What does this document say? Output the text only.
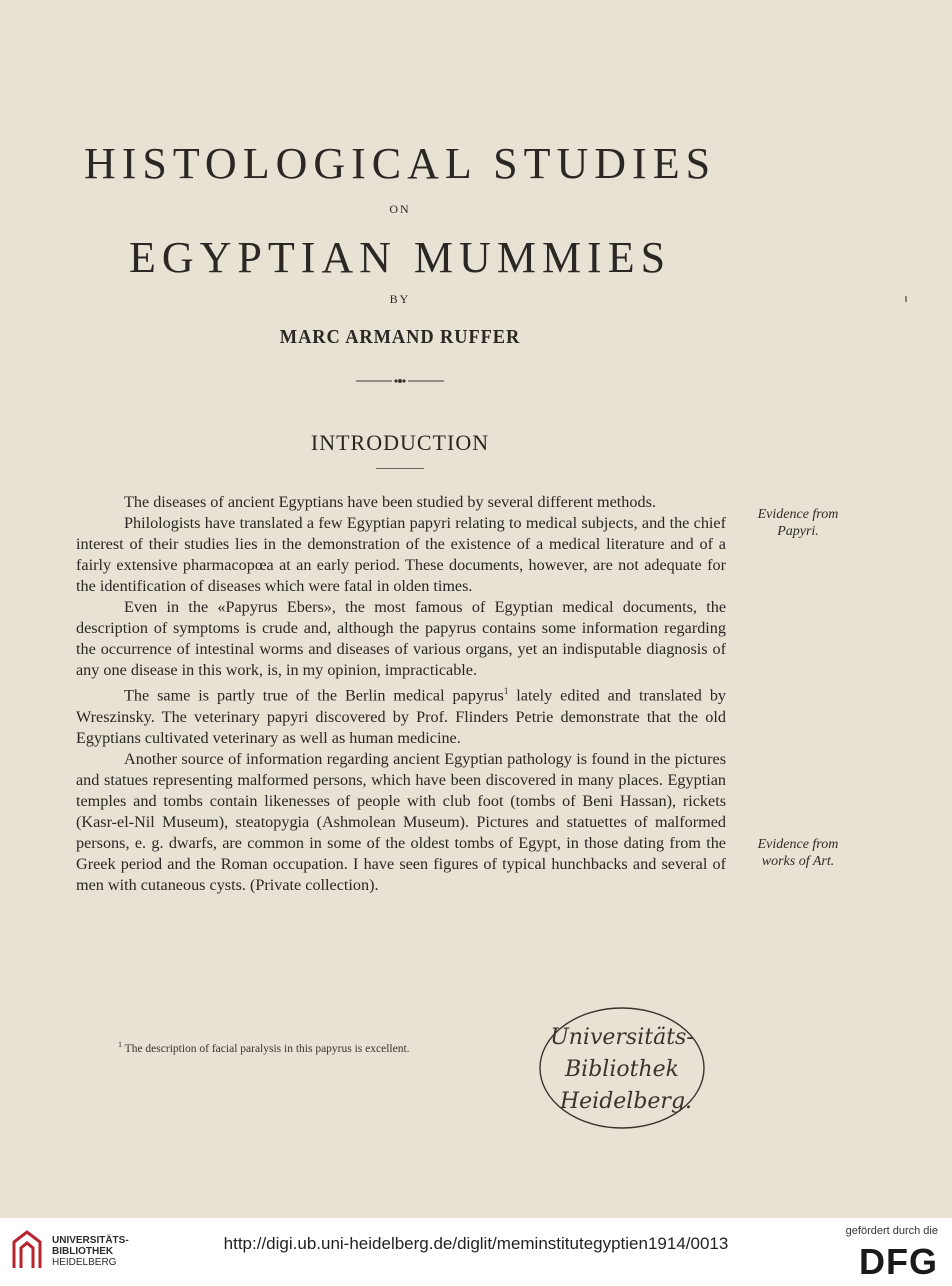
HISTOLOGICAL STUDIES
ON
EGYPTIAN MUMMIES
BY
MARC ARMAND RUFFER
INTRODUCTION

The diseases of ancient Egyptians have been studied by several different methods.

Philologists have translated a few Egyptian papyri relating to medical subjects, and the chief interest of their studies lies in the demonstration of the existence of a medical literature and of a fairly extensive pharmacopœa at an early period. These documents, however, are not adequate for the identification of diseases which were fatal in olden times.

Even in the «Papyrus Ebers», the most famous of Egyptian medical documents, the description of symptoms is crude and, although the papyrus contains some information regarding the occurrence of intestinal worms and diseases of various organs, yet an indisputable diagnosis of any one disease in this work, is, in my opinion, impracticable.

The same is partly true of the Berlin medical papyrus$^1$ lately edited and translated by Wreszinsky. The veterinary papyri discovered by Prof. Flinders Petrie demonstrate that the old Egyptians cultivated veterinary as well as human medicine.

Another source of information regarding ancient Egyptian pathology is found in the pictures and statues representing malformed persons, which have been discovered in many places. Egyptian temples and tombs contain likenesses of people with club foot (tombs of Beni Hassan), rickets (Kasr-el-Nil Museum), steatopygia (Ashmolean Museum). Pictures and statuettes of malformed persons, e. g. dwarfs, are common in some of the oldest tombs of Egypt, in those dating from the Greek period and the Roman occupation. I have seen figures of typical hunchbacks and several of men with cutaneous cysts. (Private collection).

Evidence from
Papyri.
Evidence from
works of Art.
$^1$ The description of facial paralysis in this papyrus is excellent.	Universitäts-
Bibliothek
Heidelberg.
UNIVERSITÄTS-
BIBLIOTHEK
HEIDELBERG
http://digi.ub.uni-heidelberg.de/diglit/meminstitutegyptien1914/0013
gefördert durch die
DFG
